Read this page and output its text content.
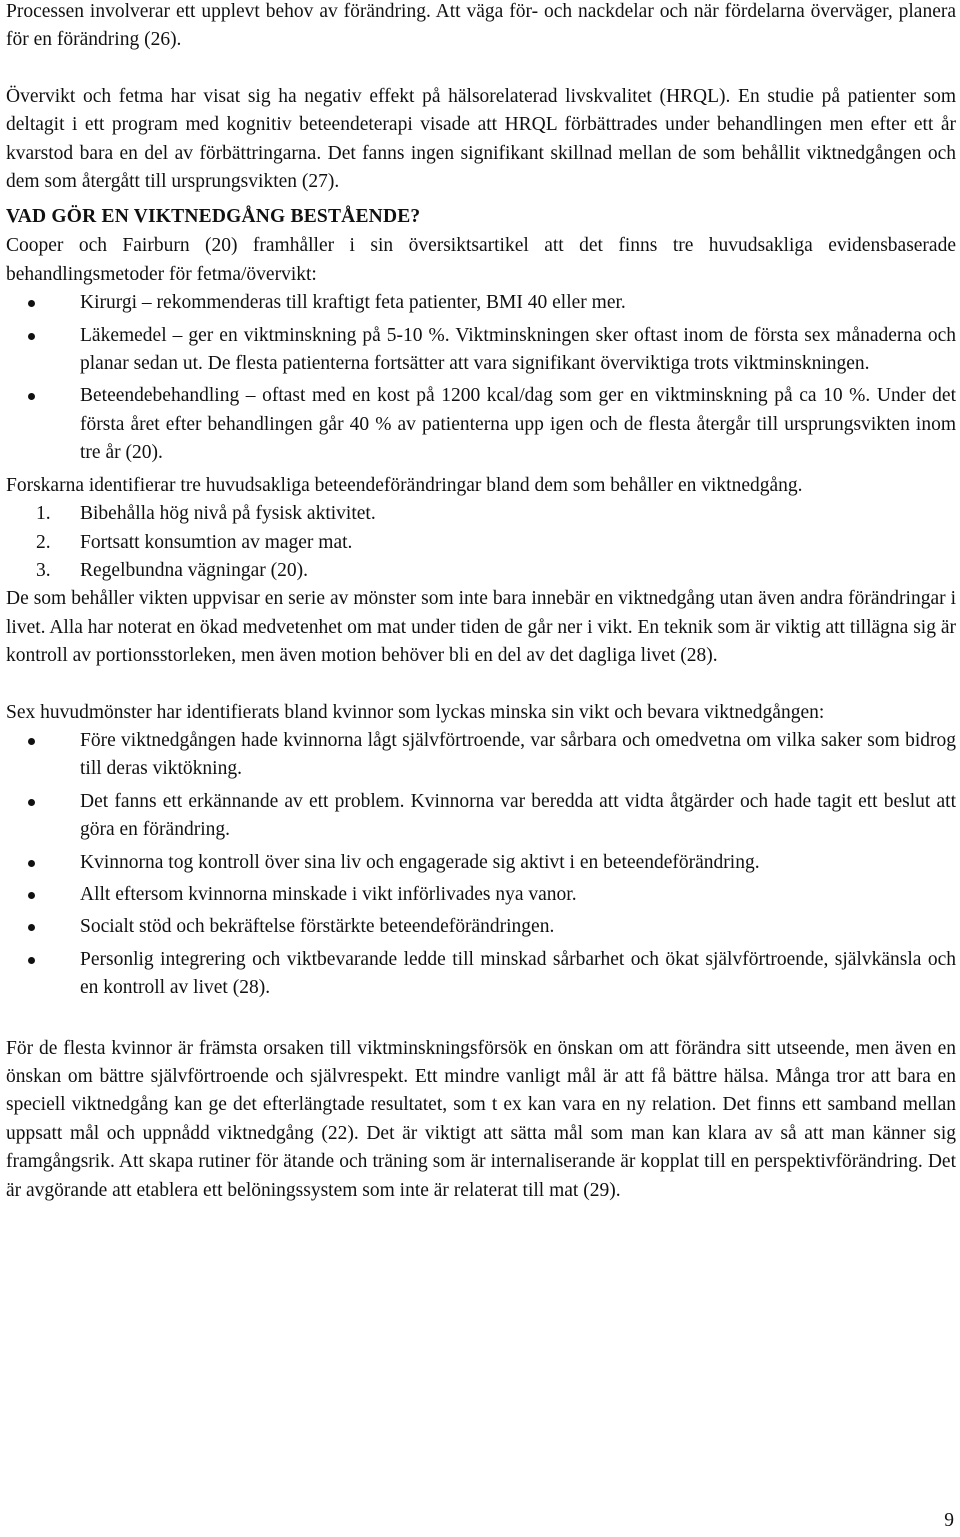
Processen involverar ett upplevt behov av förändring. Att väga för- och nackdelar och när fördelarna överväger, planera för en förändring (26).

Övervikt och fetma har visat sig ha negativ effekt på hälsorelaterad livskvalitet (HRQL). En studie på patienter som deltagit i ett program med kognitiv beteendeterapi visade att HRQL förbättrades under behandlingen men efter ett år kvarstod bara en del av förbättringarna. Det fanns ingen signifikant skillnad mellan de som behållit viktnedgången och dem som återgått till ursprungsvikten (27).

VAD GÖR EN VIKTNEDGÅNG BESTÅENDE?

Cooper och Fairburn (20) framhåller i sin översiktsartikel att det finns tre huvudsakliga evidensbaserade behandlingsmetoder för fetma/övervikt:

Kirurgi – rekommenderas till kraftigt feta patienter, BMI 40 eller mer.
Läkemedel – ger en viktminskning på 5-10 %. Viktminskningen sker oftast inom de första sex månaderna och planar sedan ut. De flesta patienterna fortsätter att vara signifikant överviktiga trots viktminskningen.
Beteendebehandling – oftast med en kost på 1200 kcal/dag som ger en viktminskning på ca 10 %. Under det första året efter behandlingen går 40 % av patienterna upp igen och de flesta återgår till ursprungsvikten inom tre år (20).

Forskarna identifierar tre huvudsakliga beteendeförändringar bland dem som behåller en viktnedgång.

1. Bibehålla hög nivå på fysisk aktivitet.
2. Fortsatt konsumtion av mager mat.
3. Regelbundna vägningar (20).

De som behåller vikten uppvisar en serie av mönster som inte bara innebär en viktnedgång utan även andra förändringar i livet. Alla har noterat en ökad medvetenhet om mat under tiden de går ner i vikt. En teknik som är viktig att tillägna sig är kontroll av portionsstorleken, men även motion behöver bli en del av det dagliga livet (28).

Sex huvudmönster har identifierats bland kvinnor som lyckas minska sin vikt och bevara viktnedgången:

Före viktnedgången hade kvinnorna lågt självförtroende, var sårbara och omedvetna om vilka saker som bidrog till deras viktökning.
Det fanns ett erkännande av ett problem. Kvinnorna var beredda att vidta åtgärder och hade tagit ett beslut att göra en förändring.
Kvinnorna tog kontroll över sina liv och engagerade sig aktivt i en beteendeförändring.
Allt eftersom kvinnorna minskade i vikt införlivades nya vanor.
Socialt stöd och bekräftelse förstärkte beteendeförändringen.
Personlig integrering och viktbevarande ledde till minskad sårbarhet och ökat självförtroende, självkänsla och en kontroll av livet (28).

För de flesta kvinnor är främsta orsaken till viktminskningsförsök en önskan om att förändra sitt utseende, men även en önskan om bättre självförtroende och självrespekt. Ett mindre vanligt mål är att få bättre hälsa. Många tror att bara en speciell viktnedgång kan ge det efterlängtade resultatet, som t ex kan vara en ny relation. Det finns ett samband mellan uppsatt mål och uppnådd viktnedgång (22). Det är viktigt att sätta mål som man kan klara av så att man känner sig framgångsrik. Att skapa rutiner för ätande och träning som är internaliserande är kopplat till en perspektivförändring. Det är avgörande att etablera ett belöningssystem som inte är relaterat till mat (29).

9
